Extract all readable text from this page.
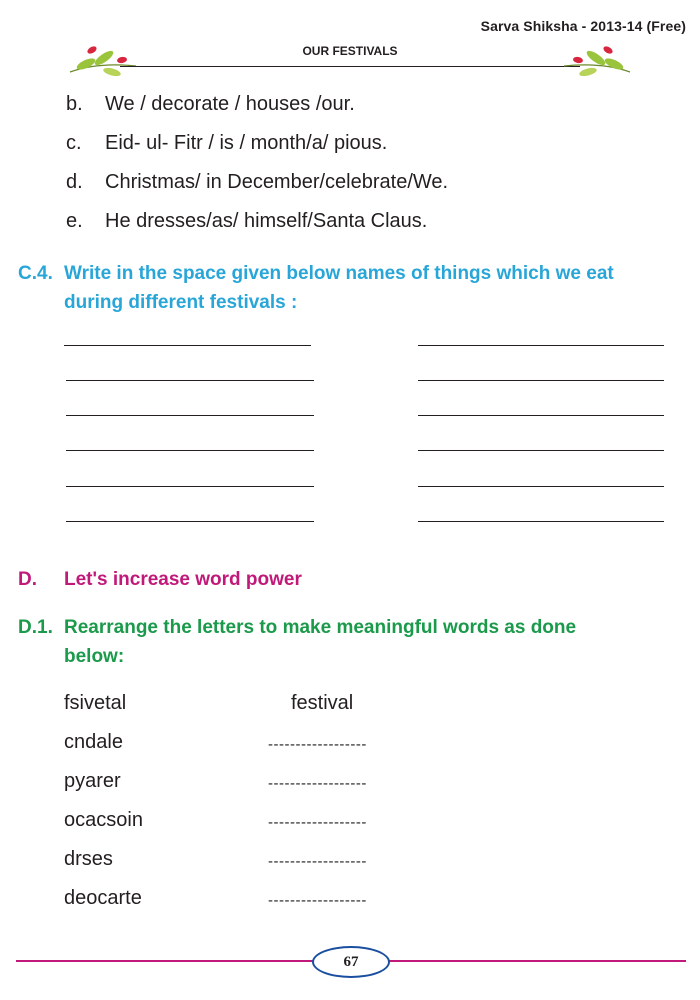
Sarva Shiksha - 2013-14 (Free)
OUR FESTIVALS
b. We / decorate / houses /our.
c. Eid- ul- Fitr / is / month/a/ pious.
d. Christmas/ in December/celebrate/We.
e. He dresses/as/ himself/Santa Claus.
C.4. Write in the space given below names of things which we eat
during different festivals :
D. Let's increase word power
D.1. Rearrange the letters to make meaningful words as done
below:
fsivetal	festival
cndale	------------------
pyarer	------------------
ocacsoin	------------------
drses	------------------
deocarte	------------------
67
